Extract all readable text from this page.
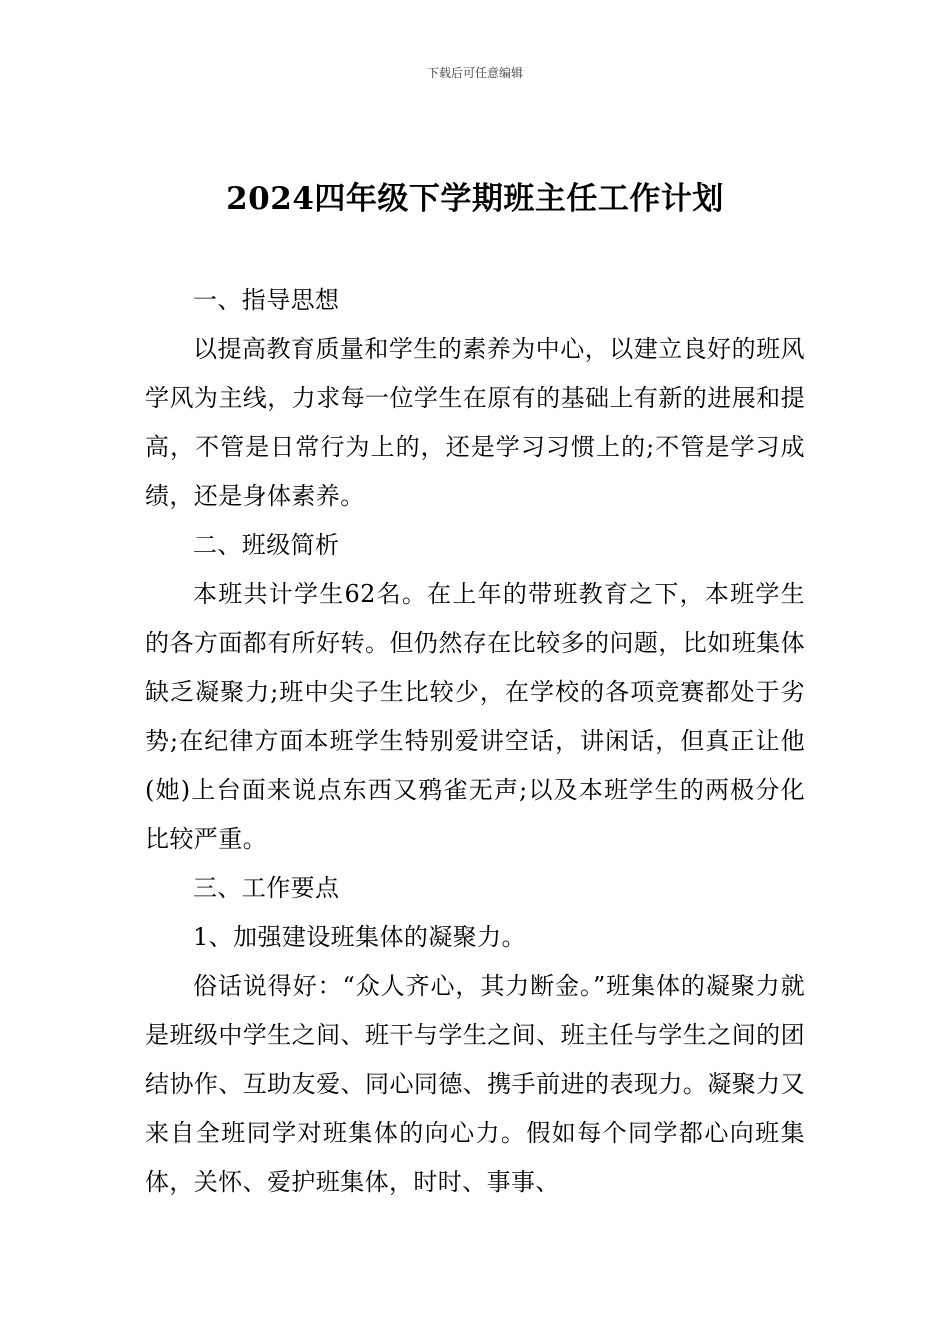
下载后可任意编辑
2024四年级下学期班主任工作计划

一、指导思想

以提高教育质量和学生的素养为中心，以建立良好的班风学风为主线，力求每一位学生在原有的基础上有新的进展和提高，不管是日常行为上的，还是学习习惯上的;不管是学习成绩，还是身体素养。

二、班级简析

本班共计学生62名。在上年的带班教育之下，本班学生的各方面都有所好转。但仍然存在比较多的问题，比如班集体缺乏凝聚力;班中尖子生比较少，在学校的各项竞赛都处于劣势;在纪律方面本班学生特别爱讲空话，讲闲话，但真正让他(她)上台面来说点东西又鸦雀无声;以及本班学生的两极分化比较严重。

三、工作要点

1、加强建设班集体的凝聚力。

俗话说得好：“众人齐心，其力断金。”班集体的凝聚力就是班级中学生之间、班干与学生之间、班主任与学生之间的团结协作、互助友爱、同心同德、携手前进的表现力。凝聚力又来自全班同学对班集体的向心力。假如每个同学都心向班集体，关怀、爱护班集体，时时、事事、
